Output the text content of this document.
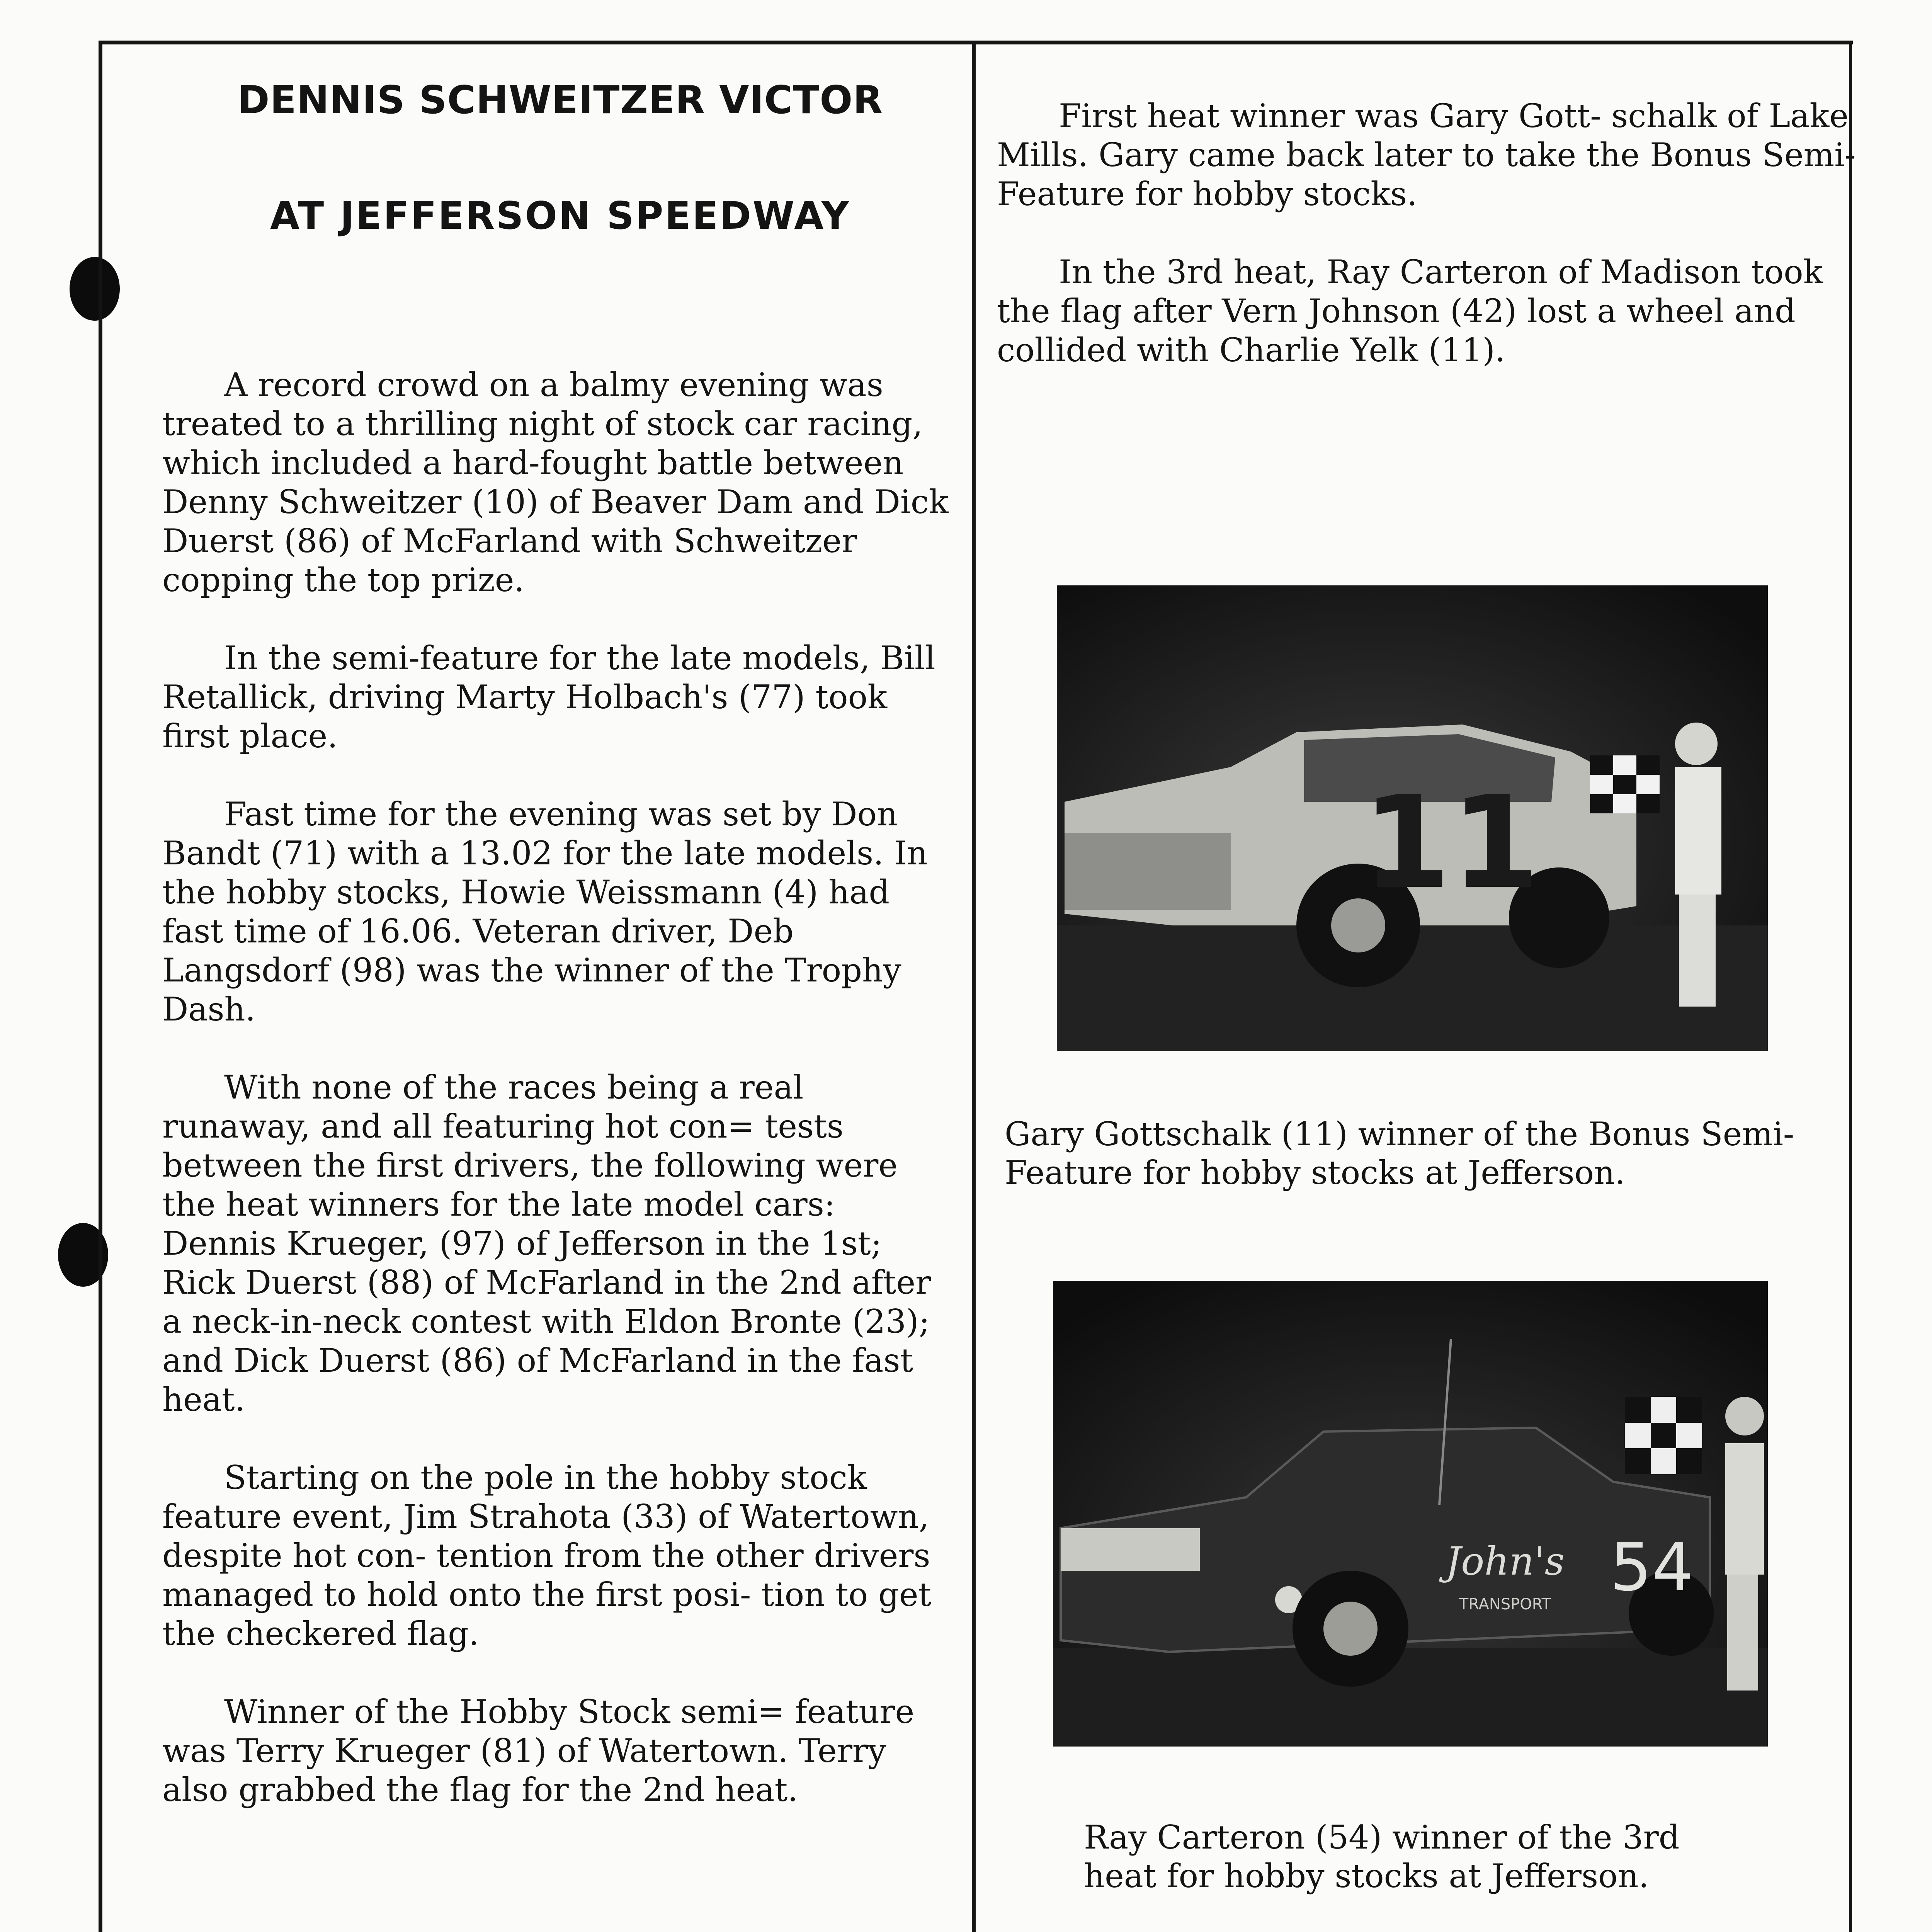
DENNIS SCHWEITZER VICTOR
AT JEFFERSON SPEEDWAY

A record crowd on a balmy evening was treated to a thrilling night of stock car racing, which included a hard-fought battle between Denny Schweitzer (10) of Beaver Dam and Dick Duerst (86) of McFarland with Schweitzer copping the top prize.

In the semi-feature for the late models, Bill Retallick, driving Marty Holbach's (77) took first place.

Fast time for the evening was set by Don Bandt (71) with a 13.02 for the late models. In the hobby stocks, Howie Weissmann (4) had fast time of 16.06. Veteran driver, Deb Langsdorf (98) was the winner of the Trophy Dash.

With none of the races being a real runaway, and all featuring hot con= tests between the first drivers, the following were the heat winners for the late model cars: Dennis Krueger, (97) of Jefferson in the 1st; Rick Duerst (88) of McFarland in the 2nd after a neck-in-neck contest with Eldon Bronte (23); and Dick Duerst (86) of McFarland in the fast heat.

Starting on the pole in the hobby stock feature event, Jim Strahota (33) of Watertown, despite hot con- tention from the other drivers managed to hold onto the first posi- tion to get the checkered flag.

Winner of the Hobby Stock semi= feature was Terry Krueger (81) of Watertown. Terry also grabbed the flag for the 2nd heat.

First heat winner was Gary Gott- schalk of Lake Mills. Gary came back later to take the Bonus Semi- Feature for hobby stocks.

In the 3rd heat, Ray Carteron of Madison took the flag after Vern Johnson (42) lost a wheel and collided with Charlie Yelk (11).

11

Gary Gottschalk (11) winner of the Bonus Semi-Feature for hobby stocks at Jefferson.

John's
TRANSPORT 54

Ray Carteron (54) winner of the 3rd heat for hobby stocks at Jefferson.
